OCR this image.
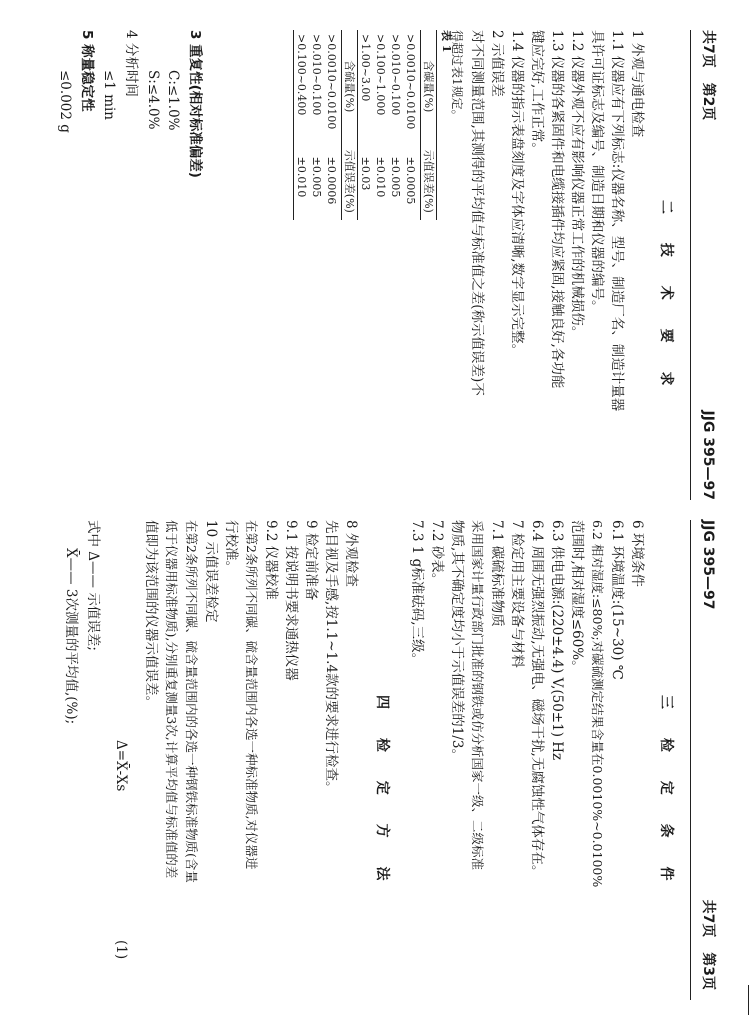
共7页 第2页
JJG 395—97
二 技 术 要 求
1 外观与通电检查
1.1 仪器应有下列标志:仪器名称、型号、制造厂名、制造计量器
具许可证标志及编号、制造日期和仪器的编号。
1.2 仪器外观不应有影响仪器正常工作的机械损伤。
1.3 仪器的各紧固件和电缆接插件均应紧固,接触良好,各功能
键应完好,工作正常。
1.4 仪器的指示表盘刻度及字体应清晰,数字显示完整。
2 示值误差
对不同测量范围,其测得的平均值与标准值之差(称示值误差)不
得超过表1规定。
表 1
含碳量(%)	示值误差(%)
>0.0010~0.0100	±0.0005
>0.010~0.100	±0.005
>0.100~1.000	±0.010
>1.00~3.00	±0.03
含硫量(%)	示值误差(%)
>0.0010~0.0100	±0.0006
>0.010~0.100	±0.005
>0.100~0.400	±0.010
3 重复性(相对标准偏差)
C:≤1.0%
S:≤4.0%
4 分析时间
≤1 min
5 称量稳定性
≤0.002 g
JJG 395—97
共7页 第3页
三 检 定 条 件
6 环境条件
6.1 环境温度:(15~30) ℃
6.2 相对湿度:≤80%;对碳硫测定结果含量在0.0010%~0.0100%
范围时,相对湿度≤60%。
6.3 供电电源:(220±4.4) V,(50±1) Hz
6.4 周围无强烈振动,无强电、磁场干扰,无腐蚀性气体存在。
7 检定用主要设备与材料
7.1 碳硫标准物质
采用国家计量行政部门批准的钢铁或仿分析国家一级、二级标准
物质,其不确定度均小于示值误差的1/3。
7.2 砂表。
7.3 1 g标准砝码,三级。
四 检 定 方 法
8 外观检查
先目视及手感,按1.1~1.4款的要求进行检查。
9 检定前准备
9.1 按说明书要求通热仪器
9.2 仪器校准
在第2条所列不同碳、硫含量范围内各选一种标准物质,对仪器进
行校准。
10 示值误差检定
在第2条所列不同碳、硫含量范围内的各选一种钢铁标准物质(含量
低于仪器用标准物质),分别重复测量3次,计算平均值与标准值的差
值即为该范围的仪器示值误差。
Δ=X̄-Xs
(1)
式中 Δ—— 示值误差;
X̄—— 3次测量的平均值,(%);
